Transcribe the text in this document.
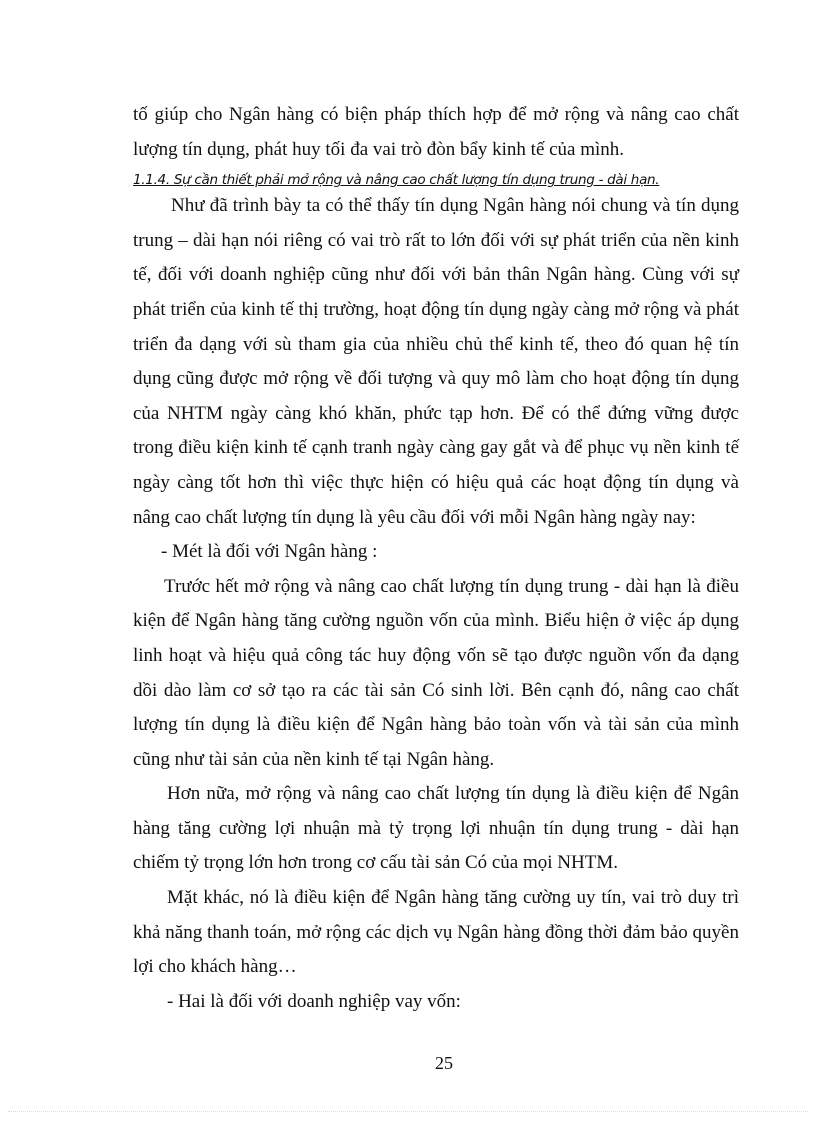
tố giúp cho Ngân hàng có biện pháp thích hợp để mở rộng và nâng cao chất lượng tín dụng, phát huy tối đa vai trò đòn bẩy kinh tế của mình.

1.1.4. Sự cần thiết phải mở rộng và nâng cao chất lượng tín dụng trung - dài hạn.

Như đã trình bày ta có thể thấy tín dụng Ngân hàng nói chung và tín dụng trung – dài hạn nói riêng có vai trò rất to lớn đối với sự phát triển của nền kinh tế, đối với doanh nghiệp cũng như đối với bản thân Ngân hàng. Cùng với sự phát triển của kinh tế thị trường, hoạt động tín dụng ngày càng mở rộng và phát triển đa dạng với sù tham gia của nhiều chủ thể kinh tế, theo đó quan hệ tín dụng cũng được mở rộng về đối tượng và quy mô làm cho hoạt động tín dụng của NHTM ngày càng khó khăn, phức tạp hơn. Để có thể đứng vững được trong điều kiện kinh tế cạnh tranh ngày càng gay gắt và để phục vụ nền kinh tế ngày càng tốt hơn thì việc thực hiện có hiệu quả các hoạt động tín dụng và nâng cao chất lượng tín dụng là yêu cầu đối với mỗi Ngân hàng ngày nay:

- Mét là đối với Ngân hàng :

Trước hết mở rộng và nâng cao chất lượng tín dụng trung - dài hạn là điều kiện để Ngân hàng tăng cường nguồn vốn của mình. Biểu hiện ở việc áp dụng linh hoạt và hiệu quả công tác huy động vốn sẽ tạo được nguồn vốn đa dạng dồi dào làm cơ sở tạo ra các tài sản Có sinh lời. Bên cạnh đó, nâng cao chất lượng tín dụng là điều kiện để Ngân hàng bảo toàn vốn và tài sản của mình cũng như tài sản của nền kinh tế tại Ngân hàng.

Hơn nữa, mở rộng và nâng cao chất lượng tín dụng là điều kiện để Ngân hàng tăng cường lợi nhuận mà tỷ trọng lợi nhuận tín dụng trung - dài hạn chiếm tỷ trọng lớn hơn trong cơ cấu tài sản Có của mọi NHTM.

Mặt khác, nó là điều kiện để Ngân hàng tăng cường uy tín, vai trò duy trì khả năng thanh toán, mở rộng các dịch vụ Ngân hàng đồng thời đảm bảo quyền lợi cho khách hàng…

- Hai là đối với doanh nghiệp vay vốn:

25
